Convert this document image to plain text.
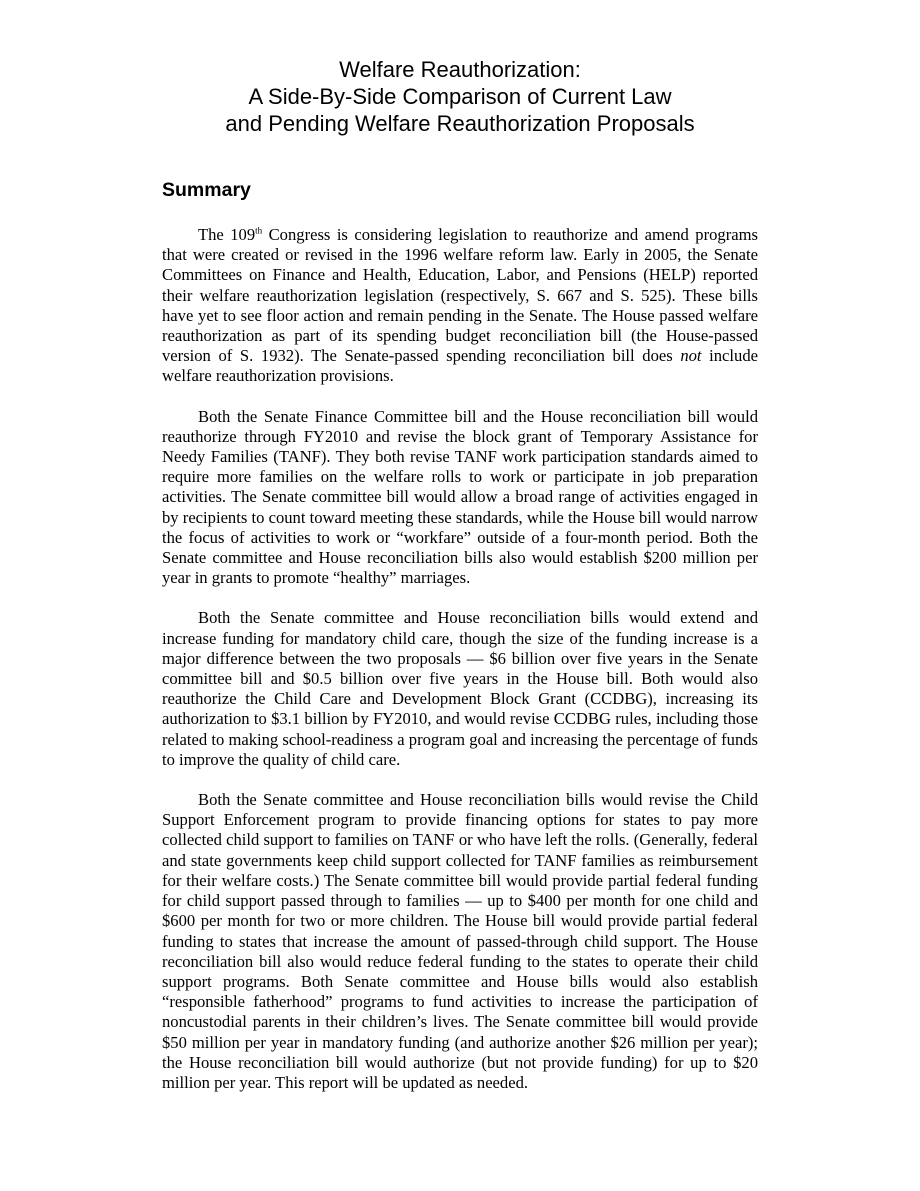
Welfare Reauthorization:
A Side-By-Side Comparison of Current Law
and Pending Welfare Reauthorization Proposals
Summary

The 109th Congress is considering legislation to reauthorize and amend programs that were created or revised in the 1996 welfare reform law. Early in 2005, the Senate Committees on Finance and Health, Education, Labor, and Pensions (HELP) reported their welfare reauthorization legislation (respectively, S. 667 and S. 525). These bills have yet to see floor action and remain pending in the Senate. The House passed welfare reauthorization as part of its spending budget reconciliation bill (the House-passed version of S. 1932). The Senate-passed spending reconciliation bill does not include welfare reauthorization provisions.

Both the Senate Finance Committee bill and the House reconciliation bill would reauthorize through FY2010 and revise the block grant of Temporary Assistance for Needy Families (TANF). They both revise TANF work participation standards aimed to require more families on the welfare rolls to work or participate in job preparation activities. The Senate committee bill would allow a broad range of activities engaged in by recipients to count toward meeting these standards, while the House bill would narrow the focus of activities to work or “workfare” outside of a four-month period. Both the Senate committee and House reconciliation bills also would establish $200 million per year in grants to promote “healthy” marriages.

Both the Senate committee and House reconciliation bills would extend and increase funding for mandatory child care, though the size of the funding increase is a major difference between the two proposals — $6 billion over five years in the Senate committee bill and $0.5 billion over five years in the House bill. Both would also reauthorize the Child Care and Development Block Grant (CCDBG), increasing its authorization to $3.1 billion by FY2010, and would revise CCDBG rules, including those related to making school-readiness a program goal and increasing the percentage of funds to improve the quality of child care.

Both the Senate committee and House reconciliation bills would revise the Child Support Enforcement program to provide financing options for states to pay more collected child support to families on TANF or who have left the rolls. (Generally, federal and state governments keep child support collected for TANF families as reimbursement for their welfare costs.) The Senate committee bill would provide partial federal funding for child support passed through to families — up to $400 per month for one child and $600 per month for two or more children. The House bill would provide partial federal funding to states that increase the amount of passed-through child support. The House reconciliation bill also would reduce federal funding to the states to operate their child support programs. Both Senate committee and House bills would also establish “responsible fatherhood” programs to fund activities to increase the participation of noncustodial parents in their children’s lives. The Senate committee bill would provide $50 million per year in mandatory funding (and authorize another $26 million per year); the House reconciliation bill would authorize (but not provide funding) for up to $20 million per year. This report will be updated as needed.
